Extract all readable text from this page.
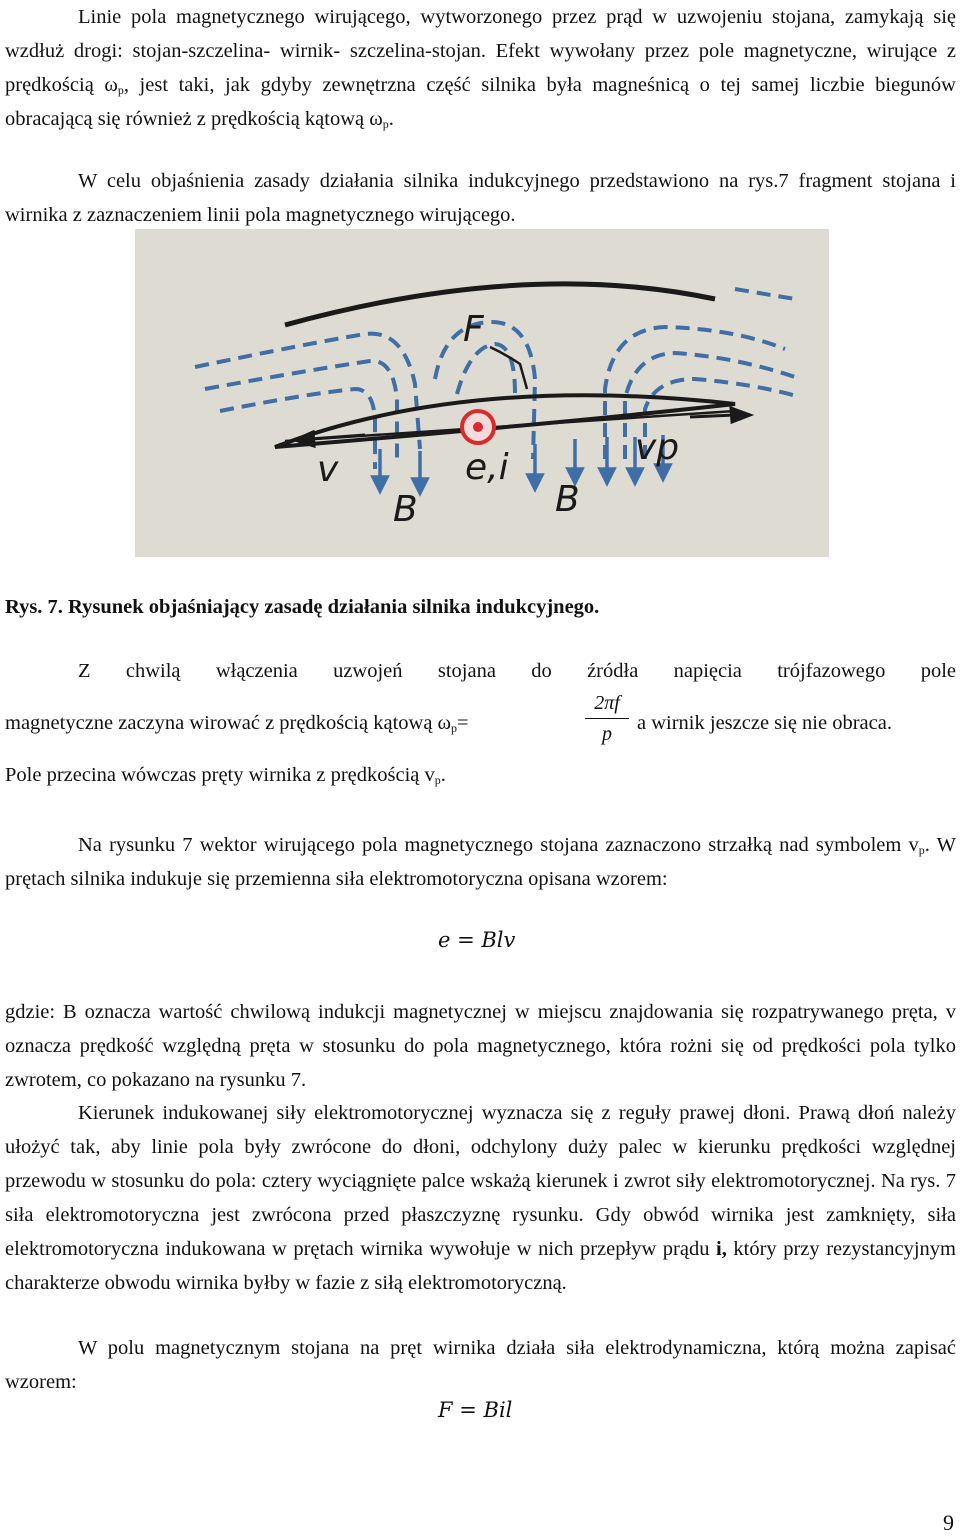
Linie pola magnetycznego wirującego, wytworzonego przez prąd w uzwojeniu stojana, zamykają się wzdłuż drogi: stojan-szczelina- wirnik- szczelina-stojan. Efekt wywołany przez pole magnetyczne, wirujące z prędkością $\omega_p$, jest taki, jak gdyby zewnętrzna część silnika była magneśnicą o tej samej liczbie biegunów obracającą się również z prędkością kątową $\omega_p$.

W celu objaśnienia zasady działania silnika indukcyjnego przedstawiono na rys.7 fragment stojana i wirnika z zaznaczeniem linii pola magnetycznego wirującego.

F
v	e,i	vp
B	B
Rys. 7. Rysunek objaśniający zasadę działania silnika indukcyjnego.
Z chwilą włączenia uzwojeń stojana do źródła napięcia trójfazowego pole
magnetyczne zaczyna wirować z prędkością kątową $\omega_p=$	$\frac{2\pi f}{p}$ a wirnik jeszcze się nie obraca.
Pole przecina wówczas pręty wirnika z prędkością $v_p$.

Na rysunku 7 wektor wirującego pola magnetycznego stojana zaznaczono strzałką nad symbolem $v_p$. W prętach silnika indukuje się przemienna siła elektromotoryczna opisana wzorem:

e = Blv

gdzie: B oznacza wartość chwilową indukcji magnetycznej w miejscu znajdowania się rozpatrywanego pręta, v oznacza prędkość względną pręta w stosunku do pola magnetycznego, która rożni się od prędkości pola tylko zwrotem, co pokazano na rysunku 7.

Kierunek indukowanej siły elektromotorycznej wyznacza się z reguły prawej dłoni. Prawą dłoń należy ułożyć tak, aby linie pola były zwrócone do dłoni, odchylony duży palec w kierunku prędkości względnej przewodu w stosunku do pola: cztery wyciągnięte palce wskażą kierunek i zwrot siły elektromotorycznej. Na rys. 7 siła elektromotoryczna jest zwrócona przed płaszczyznę rysunku. Gdy obwód wirnika jest zamknięty, siła elektromotoryczna indukowana w prętach wirnika wywołuje w nich przepływ prądu i, który przy rezystancyjnym charakterze obwodu wirnika byłby w fazie z siłą elektromotoryczną.

W polu magnetycznym stojana na pręt wirnika działa siła elektrodynamiczna, którą można zapisać wzorem:

F = Bil
9
